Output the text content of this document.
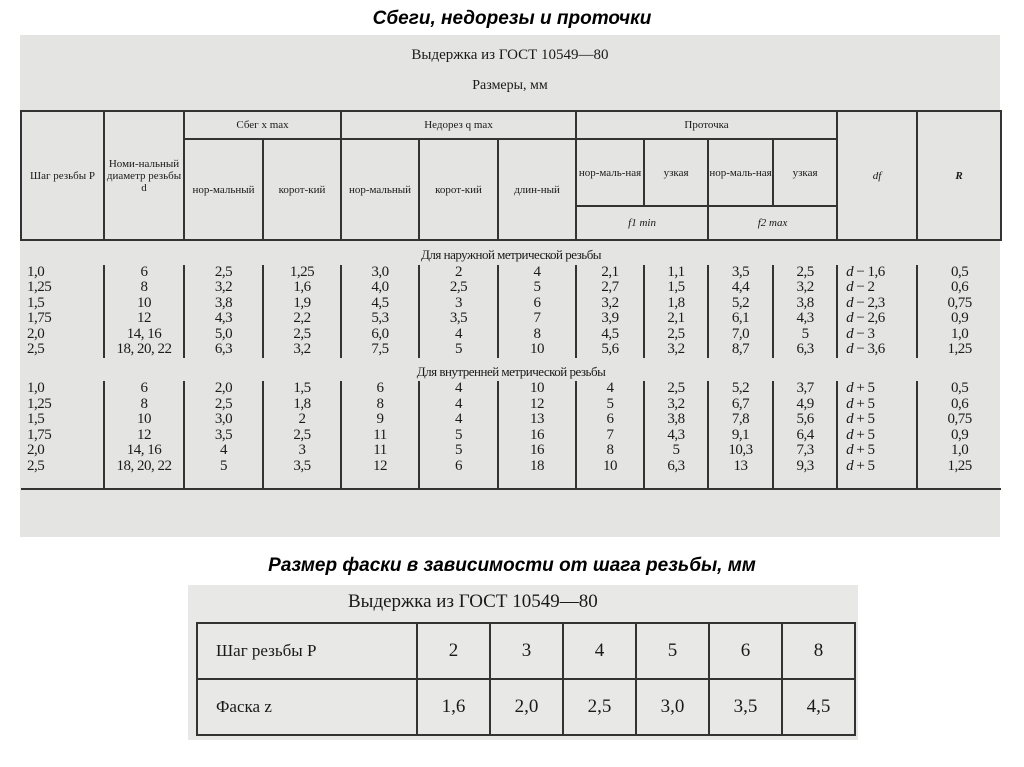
Сбеги, недорезы и проточки
Выдержка из ГОСТ 10549—80
Размеры, мм
Шаг резьбы P	Номи-нальный диаметр резьбы d	Сбег x max		Недорез q max			Проточка				df	R
		нор-мальный	корот-кий	нор-мальный	корот-кий	длин-ный	нор-маль-ная	узкая	нор-маль-ная	узкая		
							f1 min		f2 max			
Для наружной метрической резьбы												
1,0	6	2,5	1,25	3,0	2	4	2,1	1,1	3,5	2,5	d − 1,6	0,5
1,25	8	3,2	1,6	4,0	2,5	5	2,7	1,5	4,4	3,2	d − 2	0,6
1,5	10	3,8	1,9	4,5	3	6	3,2	1,8	5,2	3,8	d − 2,3	0,75
1,75	12	4,3	2,2	5,3	3,5	7	3,9	2,1	6,1	4,3	d − 2,6	0,9
2,0	14, 16	5,0	2,5	6,0	4	8	4,5	2,5	7,0	5	d − 3	1,0
2,5	18, 20, 22	6,3	3,2	7,5	5	10	5,6	3,2	8,7	6,3	d − 3,6	1,25
Для внутренней метрической резьбы												
1,0	6	2,0	1,5	6	4	10	4	2,5	5,2	3,7	d + 5	0,5
1,25	8	2,5	1,8	8	4	12	5	3,2	6,7	4,9	d + 5	0,6
1,5	10	3,0	2	9	4	13	6	3,8	7,8	5,6	d + 5	0,75
1,75	12	3,5	2,5	11	5	16	7	4,3	9,1	6,4	d + 5	0,9
2,0	14, 16	4	3	11	5	16	8	5	10,3	7,3	d + 5	1,0
2,5	18, 20, 22	5	3,5	12	6	18	10	6,3	13	9,3	d + 5	1,25

Размер фаски в зависимости от шага резьбы, мм
Выдержка из ГОСТ 10549—80
Шаг резьбы P	2	3	4	5	6	8
Фаска z	1,6	2,0	2,5	3,0	3,5	4,5
